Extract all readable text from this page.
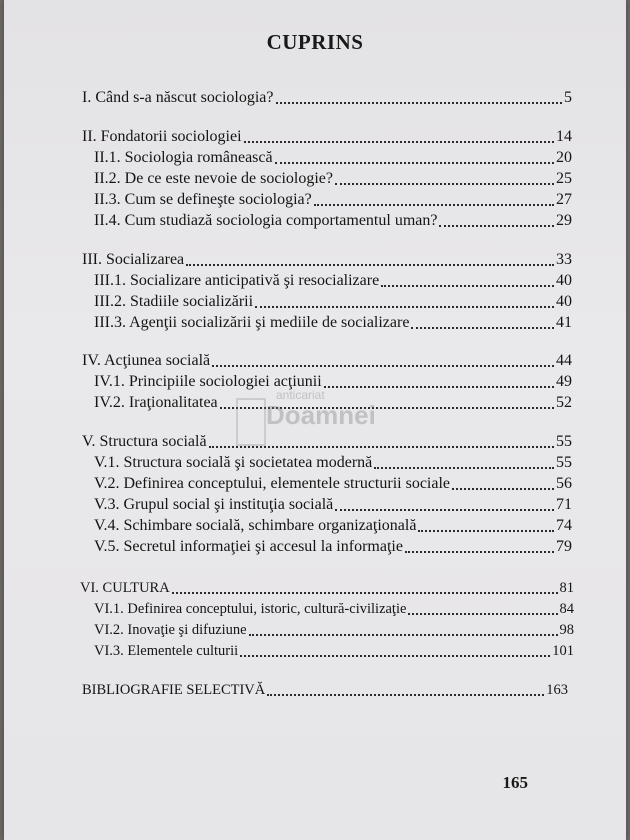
CUPRINS
I. Când s-a născut sociologia?	5
II. Fondatorii sociologiei	14
II.1. Sociologia românească	20
II.2. De ce este nevoie de sociologie?	25
II.3. Cum se defineşte sociologia?	27
II.4. Cum studiază sociologia comportamentul uman?	29
III. Socializarea	33
III.1. Socializare anticipativă şi resocializare	40
III.2. Stadiile socializării	40
III.3. Agenţii socializării şi mediile de socializare	41
IV. Acţiunea socială	44
IV.1. Principiile sociologiei acţiunii	49
IV.2. Iraţionalitatea	52
V. Structura socială	55
V.1. Structura socială şi societatea modernă	55
V.2. Definirea conceptului, elementele structurii sociale	56
V.3. Grupul social şi instituţia socială	71
V.4. Schimbare socială, schimbare organizaţională	74
V.5. Secretul informaţiei şi accesul la informaţie	79
VI. CULTURA	81
VI.1. Definirea conceptului, istoric, cultură-civilizaţie	84
VI.2. Inovaţie şi difuziune	98
VI.3. Elementele culturii	101
BIBLIOGRAFIE SELECTIVĂ	163
anticariat
Doamnei
165
